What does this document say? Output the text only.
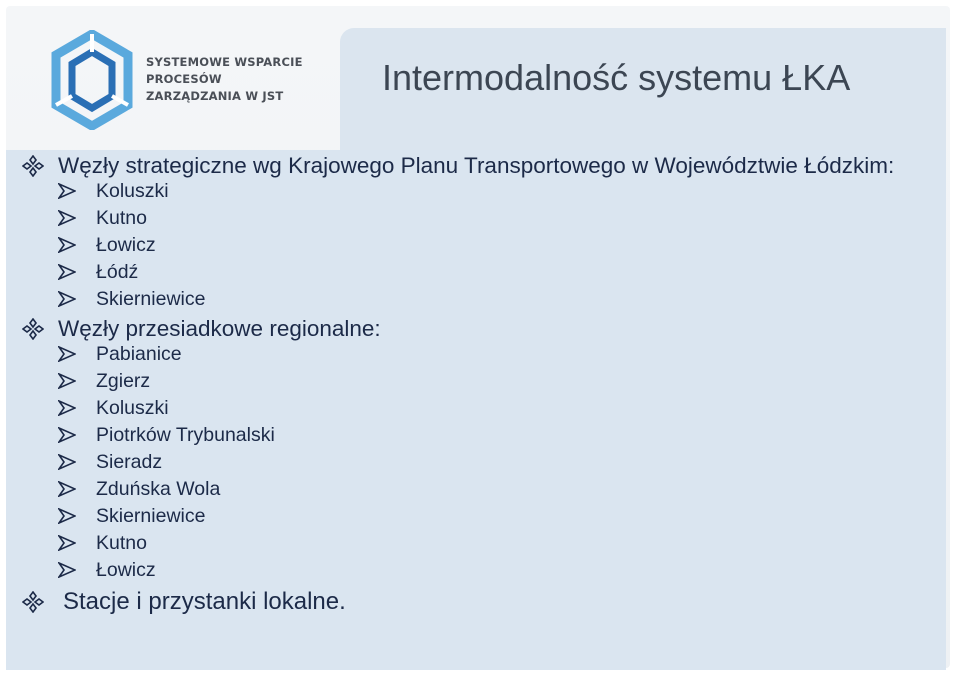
SYSTEMOWE WSPARCIE
PROCESÓW
ZARZĄDZANIA W JST	Intermodalność systemu ŁKA
Węzły strategiczne wg Krajowego Planu Transportowego w Województwie Łódzkim:
Koluszki
Kutno
Łowicz
Łódź
Skierniewice
Węzły przesiadkowe regionalne:
Pabianice
Zgierz
Koluszki
Piotrków Trybunalski
Sieradz
Zduńska Wola
Skierniewice
Kutno
Łowicz
Stacje i przystanki lokalne.
